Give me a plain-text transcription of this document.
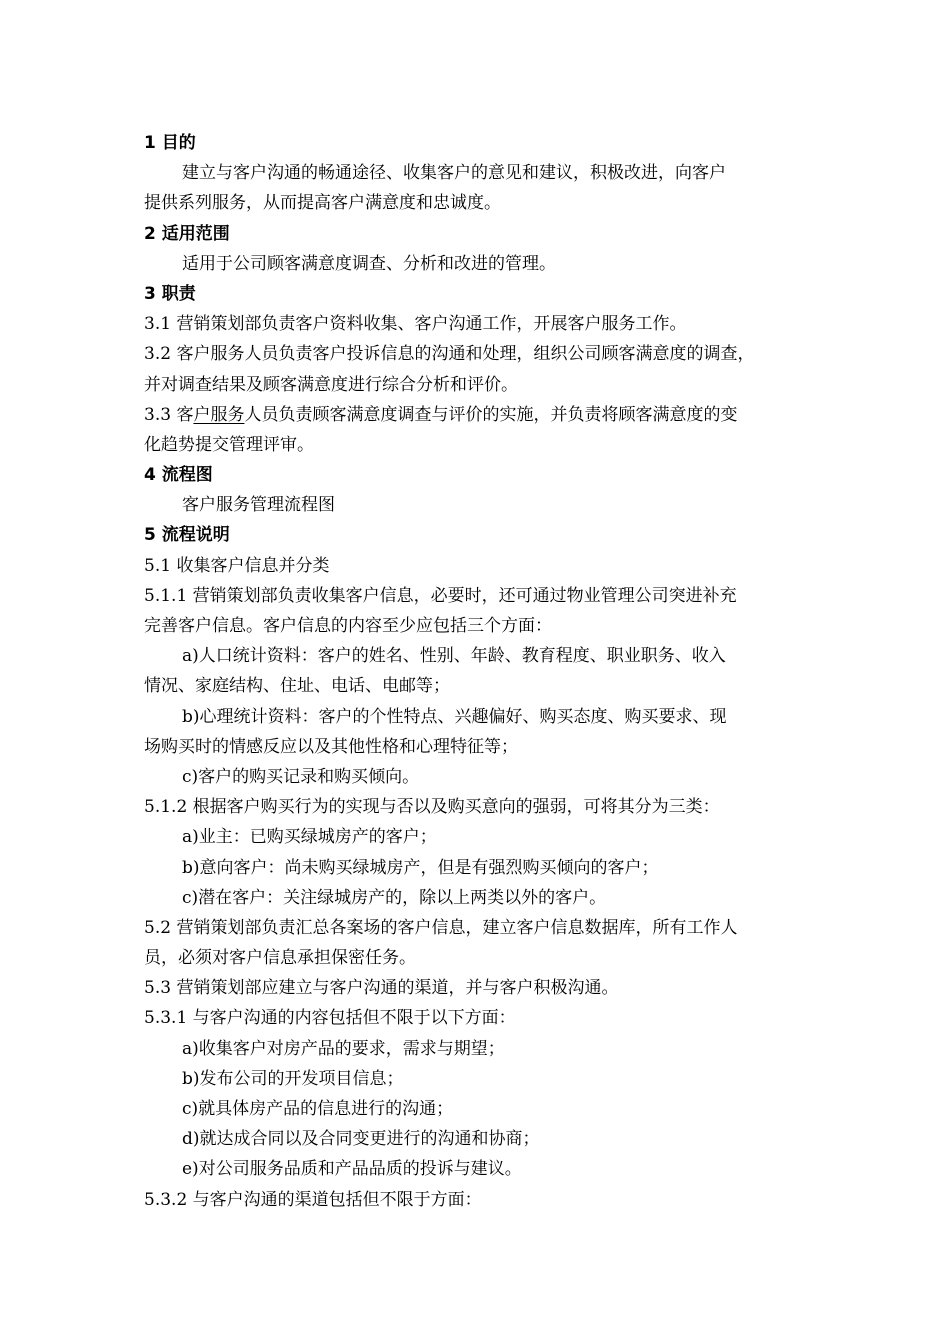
1 目的
建立与客户沟通的畅通途径、收集客户的意见和建议，积极改进，向客户
提供系列服务，从而提高客户满意度和忠诚度。
2 适用范围
适用于公司顾客满意度调查、分析和改进的管理。
3 职责
3.1 营销策划部负责客户资料收集、客户沟通工作，开展客户服务工作。
3.2 客户服务人员负责客户投诉信息的沟通和处理，组织公司顾客满意度的调查，
并对调查结果及顾客满意度进行综合分析和评价。
3.3 客户服务人员负责顾客满意度调查与评价的实施，并负责将顾客满意度的变
化趋势提交管理评审。
4 流程图
客户服务管理流程图
5 流程说明
5.1 收集客户信息并分类
5.1.1 营销策划部负责收集客户信息，必要时，还可通过物业管理公司突进补充
完善客户信息。客户信息的内容至少应包括三个方面：
a)人口统计资料：客户的姓名、性别、年龄、教育程度、职业职务、收入
情况、家庭结构、住址、电话、电邮等；
b)心理统计资料：客户的个性特点、兴趣偏好、购买态度、购买要求、现
场购买时的情感反应以及其他性格和心理特征等；
c)客户的购买记录和购买倾向。
5.1.2 根据客户购买行为的实现与否以及购买意向的强弱，可将其分为三类：
a)业主：已购买绿城房产的客户；
b)意向客户：尚未购买绿城房产，但是有强烈购买倾向的客户；
c)潜在客户：关注绿城房产的，除以上两类以外的客户。
5.2 营销策划部负责汇总各案场的客户信息，建立客户信息数据库，所有工作人
员，必须对客户信息承担保密任务。
5.3 营销策划部应建立与客户沟通的渠道，并与客户积极沟通。
5.3.1 与客户沟通的内容包括但不限于以下方面：
a)收集客户对房产品的要求，需求与期望；
b)发布公司的开发项目信息；
c)就具体房产品的信息进行的沟通；
d)就达成合同以及合同变更进行的沟通和协商；
e)对公司服务品质和产品品质的投诉与建议。
5.3.2 与客户沟通的渠道包括但不限于方面：
